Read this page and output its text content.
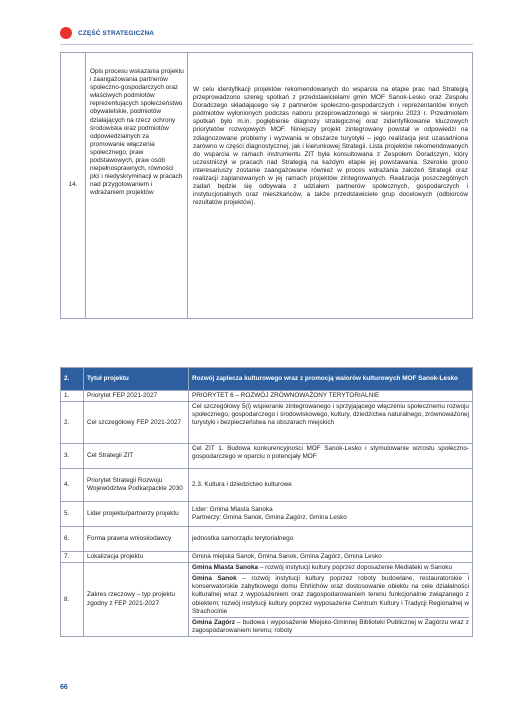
CZĘŚĆ STRATEGICZNA
14.	Opis procesu wskazania projektu i zaangażowania partnerów społeczno-gospodarczych oraz właściwych podmiotów reprezentujących społeczeństwo obywatelskie, podmiotów działających na rzecz ochrony środowiska oraz podmiotów odpowiedzialnych za promowanie włączenia społecznego, praw podstawowych, praw osób niepełnosprawnych, równości płci i niedyskryminacji w pracach nad przygotowaniem i wdrażaniem projektów	W celu identyfikacji projektów rekomendowanych do wsparcia na etapie prac nad Strategią przeprowadzono szereg spotkań z przedstawicielami gmin MOF Sanok-Lesko oraz Zespołu Doradczego składającego się z partnerów społeczno-gospodarczych i reprezentantów innych podmiotów wyłonionych podczas naboru przeprowadzonego w sierpniu 2023 r. Przedmiotem spotkań było m.in. pogłębienie diagnozy strategicznej oraz zidentyfikowanie kluczowych priorytetów rozwojowych MOF. Niniejszy projekt zintegrowany powstał w odpowiedzi na zdiagnozowane problemy i wyzwania w obszarze turystyki – jego realizacja jest uzasadniona zarówno w części diagnostycznej, jak i kierunkowej Strategii. Lista projektów rekomendowanych do wsparcia w ramach instrumentu ZIT była konsultowana z Zespołem Doradczym, który uczestniczył w pracach nad Strategią na każdym etapie jej powstawania. Szerokie grono interesariuszy zostanie zaangażowane również w proces wdrażania założeń Strategii oraz realizacji zaplanowanych w jej ramach projektów zintegrowanych. Realizacja poszczególnych zadań będzie się odbywała z udziałem partnerów społecznych, gospodarczych i instytucjonalnych oraz mieszkańców, a także przedstawiciele grup docelowych (odbiorców rezultatów projektów).
2.	Tytuł projektu	Rozwój zaplecza kulturowego wraz z promocją walorów kulturowych MOF Sanok-Lesko
1.	Priorytet FEP 2021-2027	PRIORYTET 6 – ROZWÓJ ZRÓWNOWAŻONY TERYTORIALNIE
2.	Cel szczegółowy FEP 2021-2027	Cel szczegółowy 5(i) wspieranie zintegrowanego i sprzyjającego włączeniu społecznemu rozwoju społecznego, gospodarczego i środowiskowego, kultury, dziedzictwa naturalnego, zrównoważonej turystyki i bezpieczeństwa na obszarach miejskich
3.	Cel Strategii ZIT	Cel ZIT 1. Budowa konkurencyjności MOF Sanok-Lesko i stymulowanie wzrostu społeczno-gospodarczego w oparciu o potencjały MOF
4.	Priorytet Strategii Rozwoju Województwa Podkarpackie 2030	2.3. Kultura i dziedzictwo kulturowe
5.	Lider projektu/partnerzy projektu	Lider: Gmina Miasta Sanoka
Partnerzy: Gmina Sanok, Gmina Zagórz, Gmina Lesko

6.	Forma prawna wnioskodawcy	jednostka samorządu terytorialnego
7.	Lokalizacja projektu	Gmina miejska Sanok, Gmina Sanok, Gmina Zagórz, Gmina Lesko
8.	Zakres rzeczowy – typ projektu zgodny z FEP 2021-2027	Gmina Miasta Sanoka – rozwój instytucji kultury poprzez doposażenie Mediateki w Sanoku
Gmina Sanok – rozwój instytucji kultury poprzez roboty budowlane, restauratorskie i konserwatorskie zabytkowego domu Ehrlichów oraz dostosowanie obiektu na cele działalności kulturalnej wraz z wyposażeniem oraz zagospodarowaniem terenu funkcjonalnie związanego z obiektem; rozwój instytucji kultury poprzez wyposażenie Centrum Kultury i Tradycji Regionalnej w Strachocinie
Gmina Zagórz – budowa i wyposażenie Miejsko-Gminnej Biblioteki Publicznej w Zagórzu wraz z zagospodarowaniem terenu; roboty
66
